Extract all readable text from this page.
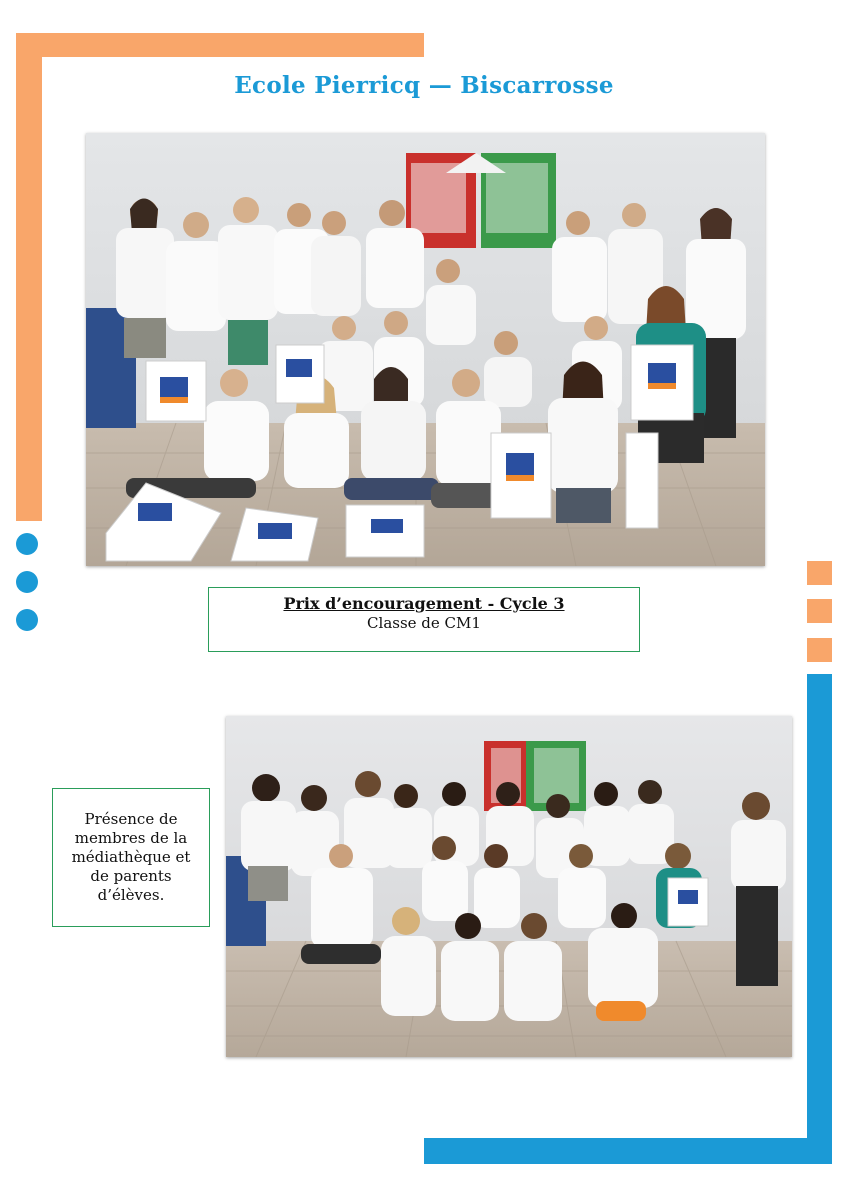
Ecole Pierricq — Biscarrosse
Prix d’encouragement - Cycle 3
Classe de CM1
Présence de membres de la médiathèque et de parents d’élèves.
